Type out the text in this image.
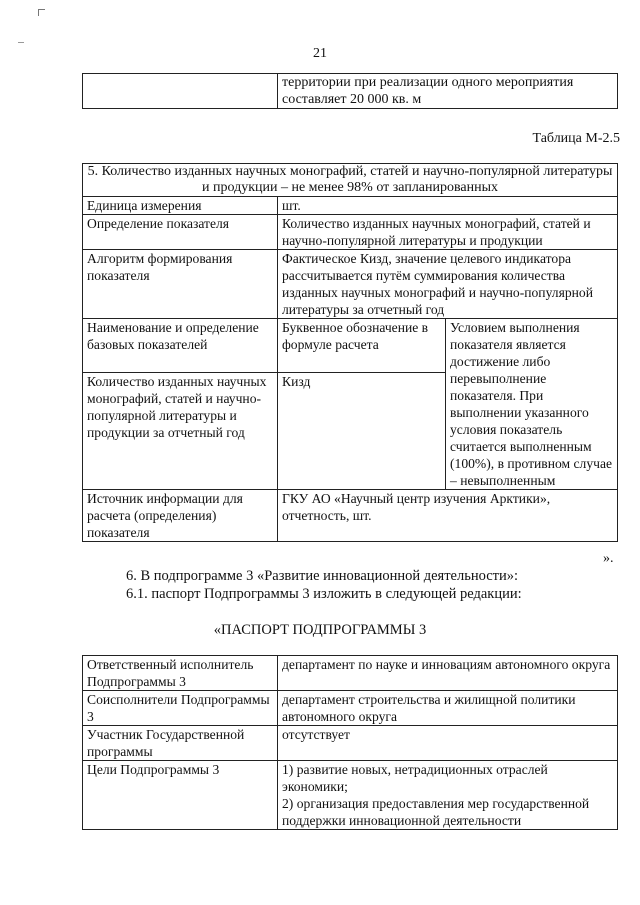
21
	территории при реализации одного мероприятия составляет 20 000 кв. м
Таблица М-2.5
5. Количество изданных научных монографий, статей и научно-популярной литературы и продукции – не менее 98% от запланированных		
Единица измерения	шт.	
Определение показателя	Количество изданных научных монографий, статей и научно-популярной литературы и продукции	
Алгоритм формирования показателя	Фактическое Кизд, значение целевого индикатора рассчитывается путём суммирования количества изданных научных монографий и научно-популярной литературы за отчетный год	
Наименование и определение базовых показателей	Буквенное обозначение в формуле расчета	Условием выполнения показателя является достижение либо перевыполнение показателя. При выполнении указанного условия показатель считается выполненным (100%), в противном случае – невыполненным
Количество изданных научных монографий, статей и научно-популярной литературы и продукции за отчетный год	Кизд	
Источник информации для расчета (определения) показателя	ГКУ АО «Научный центр изучения Арктики», отчетность, шт.	
».
6. В подпрограмме 3 «Развитие инновационной деятельности»:
6.1. паспорт Подпрограммы 3 изложить в следующей редакции:
«ПАСПОРТ ПОДПРОГРАММЫ 3
Ответственный исполнитель Подпрограммы 3	департамент по науке и инновациям автономного округа
Соисполнители Подпрограммы 3	департамент строительства и жилищной политики автономного округа
Участник Государственной программы	отсутствует
Цели Подпрограммы 3	1) развитие новых, нетрадиционных отраслей экономики;
2) организация предоставления мер государственной поддержки инновационной деятельности
